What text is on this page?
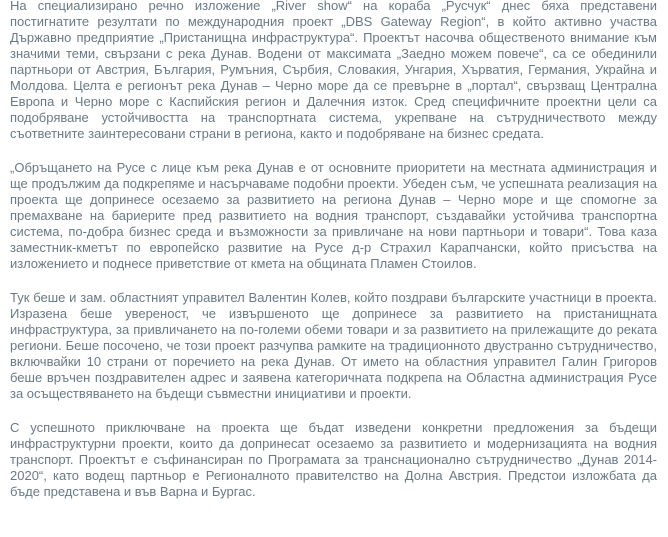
На специализирано речно изложение „River show“ на кораба „Русчук“ днес бяха представени постигнатите резултати по международния проект „DBS Gateway Region“, в който активно участва Държавно предприятие „Пристанищна инфраструктура“. Проектът насочва общественото внимание към значими теми, свързани с река Дунав. Водени от максимата „Заедно можем повече“, са се обединили партньори от Австрия, България, Румъния, Сърбия, Словакия, Унгария, Хърватия, Германия, Украйна и Молдова. Целта е регионът река Дунав – Черно море да се превърне в „портал“, свързващ Централна Европа и Черно море с Каспийския регион и Далечния изток. Сред специфичните проектни цели са подобряване устойчивостта на транспортната система, укрепване на сътрудничеството между съответните заинтересовани страни в региона, както и подобряване на бизнес средата.

„Обръщането на Русе с лице към река Дунав е от основните приоритети на местната администрация и ще продължим да подкрепяме и насърчаваме подобни проекти. Убеден съм, че успешната реализация на проекта ще допринесе осезаемо за развитието на региона Дунав – Черно море и ще спомогне за премахване на бариерите пред развитието на водния транспорт, създавайки устойчива транспортна система, по-добра бизнес среда и възможности за привличане на нови партньори и товари“. Това каза заместник-кметът по европейско развитие на Русе д-р Страхил Карапчански, който присъства на изложението и поднесе приветствие от кмета на общината Пламен Стоилов.

Тук беше и зам. областният управител Валентин Колев, който поздрави българските участници в проекта. Изразена беше увереност, че извършеното ще допринесе за развитието на пристанищната инфраструктура, за привличането на по-големи обеми товари и за развитието на прилежащите до реката региони. Беше посочено, че този проект разчупва рамките на традиционното двустранно сътрудничество, включвайки 10 страни от поречието на река Дунав. От името на областния управител Галин Григоров беше връчен поздравителен адрес и заявена категоричната подкрепа на Областна администрация Русе за осъществяването на бъдещи съвместни инициативи и проекти.

С успешното приключване на проекта ще бъдат изведени конкретни предложения за бъдещи инфраструктурни проекти, които да допринесат осезаемо за развитието и модернизацията на водния транспорт. Проектът е съфинансиран по Програмата за транснационално сътрудничество „Дунав 2014-2020“, като водещ партньор е Регионалното правителство на Долна Австрия. Предстои изложбата да бъде представена и във Варна и Бургас.
